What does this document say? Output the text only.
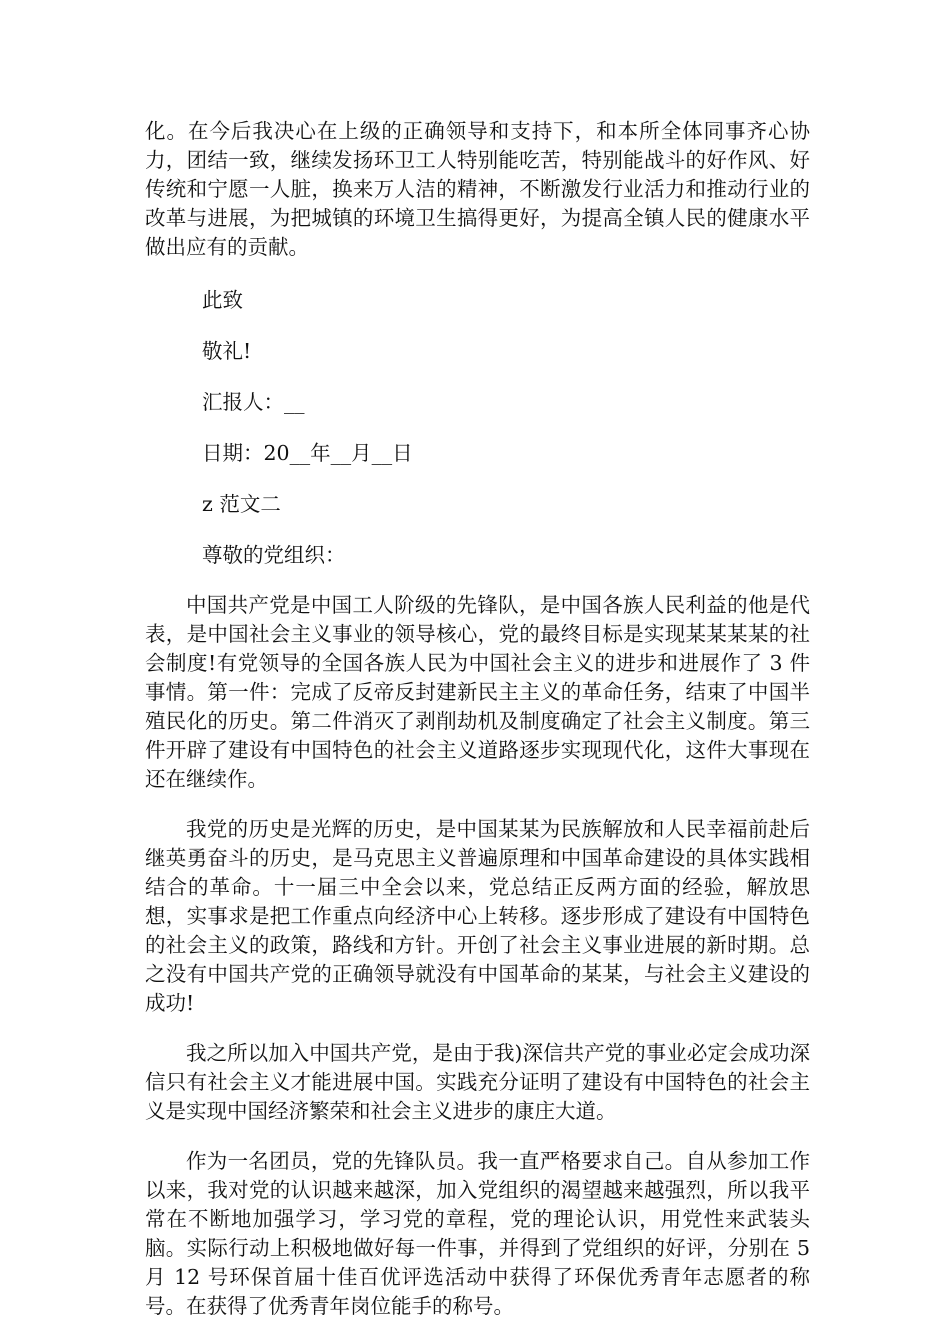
化。在今后我决心在上级的正确领导和支持下，和本所全体同事齐心协力，团结一致，继续发扬环卫工人特别能吃苦，特别能战斗的好作风、好传统和宁愿一人脏，换来万人洁的精神，不断激发行业活力和推动行业的改革与进展，为把城镇的环境卫生搞得更好，为提高全镇人民的健康水平做出应有的贡献。

此致

敬礼!

汇报人：__

日期：20__年__月__日

z 范文二

尊敬的党组织：

中国共产党是中国工人阶级的先锋队，是中国各族人民利益的他是代表，是中国社会主义事业的领导核心，党的最终目标是实现某某某某的社会制度!有党领导的全国各族人民为中国社会主义的进步和进展作了 3 件事情。第一件：完成了反帝反封建新民主主义的革命任务，结束了中国半殖民化的历史。第二件消灭了剥削劫机及制度确定了社会主义制度。第三件开辟了建设有中国特色的社会主义道路逐步实现现代化，这件大事现在还在继续作。

我党的历史是光辉的历史，是中国某某为民族解放和人民幸福前赴后继英勇奋斗的历史，是马克思主义普遍原理和中国革命建设的具体实践相结合的革命。十一届三中全会以来，党总结正反两方面的经验，解放思想，实事求是把工作重点向经济中心上转移。逐步形成了建设有中国特色的社会主义的政策，路线和方针。开创了社会主义事业进展的新时期。总之没有中国共产党的正确领导就没有中国革命的某某，与社会主义建设的成功!

我之所以加入中国共产党，是由于我)深信共产党的事业必定会成功深信只有社会主义才能进展中国。实践充分证明了建设有中国特色的社会主义是实现中国经济繁荣和社会主义进步的康庄大道。

作为一名团员，党的先锋队员。我一直严格要求自己。自从参加工作以来，我对党的认识越来越深，加入党组织的渴望越来越强烈，所以我平常在不断地加强学习，学习党的章程，党的理论认识，用党性来武装头脑。实际行动上积极地做好每一件事，并得到了党组织的好评，分别在 5 月 12 号环保首届十佳百优评选活动中获得了环保优秀青年志愿者的称号。在获得了优秀青年岗位能手的称号。
